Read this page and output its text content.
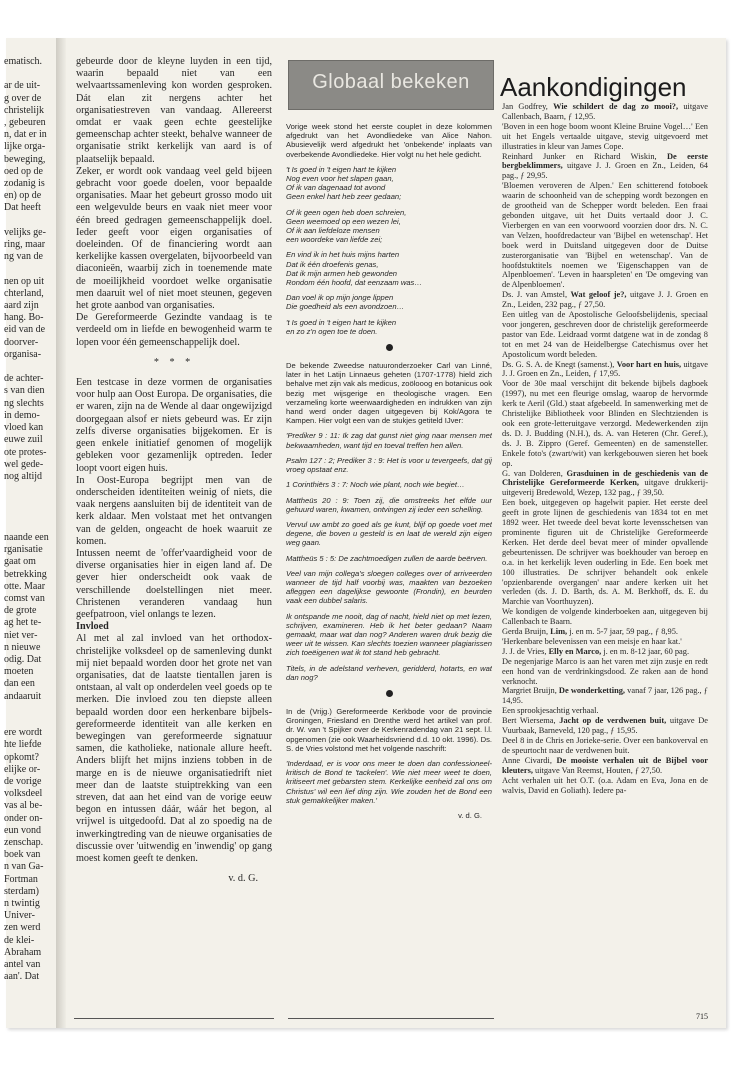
ematisch.

ar de uit-
g over de
christelijk
, gebeuren
n, dat er in
lijke orga-
beweging,
oed op de
zodanig is
en) op de
Dat heeft

velijks ge-
ring, maar
ng van de

nen op uit
chterland,
aard zijn
hang. Bo-
eid van de
doorver-
organisa-

de achter-
s van dien
ng slechts
in demo-
vloed kan
euwe zuil
ote protes-
wel gede-
nog altijd

naande een
rganisatie
gaat om
betrekking
otte. Maar
comst van
de grote
ag het te-
niet ver-
n nieuwe
odig. Dat
moeten
dan een
andaaruit

ere wordt
hte liefde
opkomt?
elijke or-
de vorige
volksdeel
vas al be-
onder on-
eun vond
zenschap.
boek van
n van Ga-
Fortman
sterdam)
n twintig
Univer-
zen werd
de klei-
Abraham
antel van
aan'. Dat

gebeurde door de kleyne luyden in een tijd, waarin bepaald niet van een welvaartssamenleving kon worden gesproken. Dát elan zit nergens achter het organisatiestreven van vandaag. Allereerst omdat er vaak geen echte geestelijke gemeenschap achter steekt, behalve wanneer de organisatie strikt kerkelijk van aard is of plaatselijk bepaald.

Zeker, er wordt ook vandaag veel geld bijeen gebracht voor goede doelen, voor bepaalde organisaties. Maar het gebeurt grosso modo uit een welgevulde beurs en vaak niet meer voor één breed gedragen gemeenschappelijk doel. Ieder geeft voor eigen organisaties of doeleinden. Of de financiering wordt aan kerkelijke kassen overgelaten, bijvoorbeeld van diaconieën, waarbij zich in toenemende mate de moeilijkheid voordoet welke organisatie men daaruit wel of niet moet steunen, gegeven het grote aanbod van organisaties.

De Gereformeerde Gezindte vandaag is te verdeeld om in liefde en bewogenheid warm te lopen voor één gemeenschappelijk doel.

* * *

Een testcase in deze vormen de organisaties voor hulp aan Oost Europa. De organisaties, die er waren, zijn na de Wende al daar ongewijzigd doorgegaan alsof er niets gebeurd was. Er zijn zelfs diverse organisaties bijgekomen. Er is geen enkele initiatief genomen of mogelijk gebleken voor gezamenlijk optreden. Ieder loopt voort eigen huis.

In Oost-Europa begrijpt men van de onderscheiden identiteiten weinig of niets, die vaak nergens aansluiten bij de identiteit van de kerk aldaar. Men volstaat met het ontvangen van de gelden, ongeacht de hoek waaruit ze komen.

Intussen neemt de 'offer'vaardigheid voor de diverse organisaties hier in eigen land af. De gever hier onderscheidt ook vaak de verschillende doelstellingen niet meer. Christenen veranderen vandaag hun geefpatroon, viel onlangs te lezen.

Invloed

Al met al zal invloed van het orthodox-christelijke volksdeel op de samenleving dunkt mij niet bepaald worden door het grote net van organisaties, dat de laatste tientallen jaren is ontstaan, al valt op onderdelen veel goeds op te merken. Die invloed zou ten diepste alleen bepaald worden door een herkenbare bijbels-gereformeerde identiteit van alle kerken en bewegingen van gereformeerde signatuur samen, die katholieke, nationale allure heeft. Anders blijft het mijns inziens tobben in de marge en is de nieuwe organisatiedrift niet meer dan de laatste stuiptrekking van een streven, dat aan het eind van de vorige eeuw begon en intussen dáár, wáár het begon, al vrijwel is uitgedoofd. Dat al zo spoedig na de inwerkingtreding van de nieuwe organisaties de discussie over 'uitwendig en 'inwendig' op gang moest komen geeft te denken.

v. d. G.
Globaal bekeken

Vorige week stond het eerste couplet in deze kolommen afgedrukt van het Avondliedeke van Alice Nahon. Abusievelijk werd afgedrukt het 'onbekende' inplaats van overbekende Avondliedeke. Hier volgt nu het hele gedicht.

't Is goed in 't eigen hart te kijken
Nog even voor het slapen gaan,
Of ik van dagenaad tot avond
Geen enkel hart heb zeer gedaan;
Of ik geen ogen heb doen schreien,
Geen weemoed op een wezen lei,
Of ik aan liefdeloze mensen
een woordeke van liefde zei;
En vind ik in het huis mijns harten
Dat ik één droefenis genas,
Dat ik mijn armen heb gewonden
Rondom één hoofd, dat eenzaam was…
Dan voel ik op mijn jonge lippen
Die goedheid als een avondzoen…
't Is goed in 't eigen hart te kijken
en zo z'n ogen toe te doen.

De bekende Zweedse natuuronderzoeker Carl van Linné, later in het Latijn Linnaeus geheten (1707-1778) hield zich behalve met zijn vak als medicus, zoölooog en botanicus ook bezig met wijsgerige en theologische vragen. Een verzameling korte weerwaardigheden en indrukken van zijn hand werd onder dagen uitgegeven bij Kok/Agora te Kampen. Hier volgt een van de stukjes getiteld IJver:

'Prediker 9 : 11: Ik zag dat gunst niet ging naar mensen met bekwaamheden, want tijd en toeval treffen hen allen.

Psalm 127 : 2; Prediker 3 : 9: Het is voor u tevergeefs, dat gij vroeg opstaat enz.

1 Corinthiërs 3 : 7: Noch wie plant, noch wie begiet…

Mattheüs 20 : 9: Toen zij, die omstreeks het elfde uur gehuurd waren, kwamen, ontvingen zij ieder een schelling.

Vervul uw ambt zo goed als ge kunt, blijf op goede voet met degene, die boven u gesteld is en laat de wereld zijn eigen weg gaan.

Mattheüs 5 : 5: De zachtmoedigen zullen de aarde beërven.

Veel van mijn collega's sloegen colleges over of arriveerden wanneer de tijd half voorbij was, maakten van bezoeken afleggen een dagelijkse gewoonte (Frondin), en beurden vaak een dubbel salaris.

Ik ontspande me nooit, dag of nacht, hield niet op met lezen, schrijven, examineren. Heb ik het beter gedaan? Naam gemaakt, maar wat dan nog? Anderen waren druk bezig die weer uit te wissen. Kan slechts toezien wanneer plagiarissen zich toeëigenen wat ik tot stand heb gebracht.

Titels, in de adelstand verheven, geridderd, hotarts, en wat dan nog?

In de (Vrijg.) Gereformeerde Kerkbode voor de provincie Groningen, Friesland en Drenthe werd het artikel van prof. dr. W. van 't Spijker over de Kerkenradendag van 21 sept. l.l. opgenomen (zie ook Waarheidsvriend d.d. 10 okt. 1996). Ds. S. de Vries volstond met het volgende naschrift:

'Inderdaad, er is voor ons meer te doen dan confessioneel-kritisch de Bond te 'tackelen'. Wie niet meer weet te doen, kritiseert met gebarsten stem. Kerkelijke eenheid zal ons om Christus' wil een lief ding zijn. Wie zouden het de Bond een stuk gemakkelijker maken.'

v. d. G.
Aankondigingen

Jan Godfrey, Wie schildert de dag zo mooi?, uitgave Callenbach, Baarn, ƒ 12,95.

'Boven in een hoge boom woont Kleine Bruine Vogel…' Een uit het Engels vertaalde uitgave, stevig uitgevoerd met illustraties in kleur van James Cope.

Reinhard Junker en Richard Wiskin, De eerste bergbeklimmers, uitgave J. J. Groen en Zn., Leiden, 64 pag., ƒ 29,95.

'Bloemen veroveren de Alpen.' Een schitterend fotoboek waarin de schoonheid van de schepping wordt bezongen en de grootheid van de Schepper wordt beleden. Een fraai gebonden uitgave, uit het Duits vertaald door J. C. Vierbergen en van een voorwoord voorzien door drs. N. C. van Velzen, hoofdredacteur van 'Bijbel en wetenschap'. Het boek werd in Duitsland uitgegeven door de Duitse zusterorganisatie van 'Bijbel en wetenschap'. Van de hoofdstuktitels noemen we 'Eigenschappen van de Alpenbloemen'. 'Leven in haarspleten' en 'De omgeving van de Alpenbloemen'.

Ds. J. van Amstel, Wat geloof je?, uitgave J. J. Groen en Zn., Leiden, 232 pag., ƒ 27,50.

Een uitleg van de Apostolische Geloofsbelijdenis, speciaal voor jongeren, geschreven door de christelijk gereformeerde pastor van Ede. Leidraad vormt datgene wat in de zondag 8 tot en met 24 van de Heidelbergse Catechismus over het Apostolicum wordt beleden.

Ds. G. S. A. de Knegt (samenst.), Voor hart en huis, uitgave J. J. Groen en Zn., Leiden, ƒ 17,95.

Voor de 30e maal verschijnt dit bekende bijbels dagboek (1997), nu met een fleurige omslag, waarop de hervormde kerk te Aeril (Gld.) staat afgebeeld. In samenwerking met de Christelijke Bibliotheek voor Blinden en Slechtzienden is ook een grote-letteruitgave verzorgd. Medewerkenden zijn ds. D. J. Budding (N.H.), ds. A. van Heteren (Chr. Geref.), ds. J. B. Zippro (Geref. Gemeenten) en de samensteller. Enkele foto's (zwart/wit) van kerkgebouwen sieren het boek op.

G. van Dolderen, Grasduinen in de geschiedenis van de Christelijke Gereformeerde Kerken, uitgave drukkerij-uitgeverij Bredewold, Wezep, 132 pag., ƒ 39,50.

Een boek, uitgegeven op hagelwit papier. Het eerste deel geeft in grote lijnen de geschiedenis van 1834 tot en met 1892 weer. Het tweede deel bevat korte levensschetsen van prominente figuren uit de Christelijke Gereformeerde Kerken. Het derde deel bevat meer of minder opvallende gebeurtenissen. De schrijver was boekhouder van beroep en o.a. in het kerkelijk leven ouderling in Ede. Een boek met 100 illustraties. De schrijver behandelt ook enkele 'opzienbarende overgangen' naar andere kerken uit het verleden (ds. J. D. Barth, ds. A. M. Berkhoff, ds. E. du Marchie van Voorthuyzen).

We kondigen de volgende kinderboeken aan, uitgegeven bij Callenbach te Baarn.

Gerda Bruijn, Lim, j. en m. 5-7 jaar, 59 pag., ƒ 8,95.

'Herkenbare belevenissen van een meisje en haar kat.'

J. J. de Vries, Elly en Marco, j. en m. 8-12 jaar, 60 pag.

De negenjarige Marco is aan het varen met zijn zusje en redt een hond van de verdrinkingsdood. Ze raken aan de hond verknocht.

Margriet Bruijn, De wonderketting, vanaf 7 jaar, 126 pag., ƒ 14,95.

Een sprookjesachtig verhaal.

Bert Wiersema, Jacht op de verdwenen buit, uitgave De Vuurbaak, Barneveld, 120 pag., ƒ 15,95.

Deel 8 in de Chris en Jorieke-serie. Over een bankoverval en de speurtocht naar de verdwenen buit.

Anne Civardi, De mooiste verhalen uit de Bijbel voor kleuters, uitgave Van Reemst, Houten, ƒ 27,50.

Acht verhalen uit het O.T. (o.a. Adam en Eva, Jona en de walvis, David en Goliath). Iedere pa-

715
